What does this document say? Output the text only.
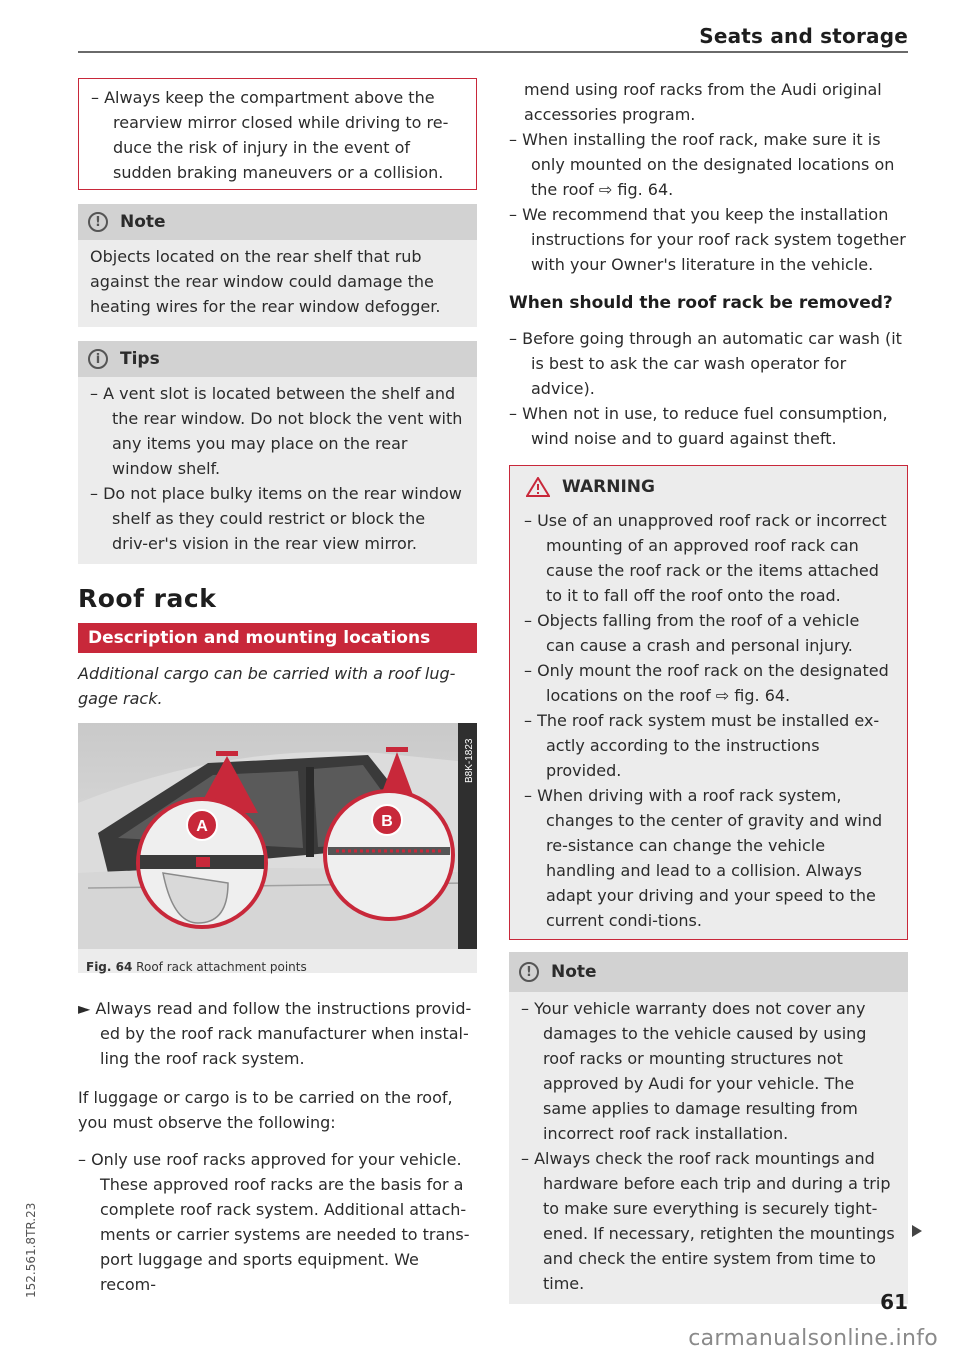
Seats and storage

– Always keep the compartment above the rearview mirror closed while driving to re-duce the risk of injury in the event of sudden braking maneuvers or a collision.

!	Note

Objects located on the rear shelf that rub against the rear window could damage the heating wires for the rear window defogger.

i	Tips

– A vent slot is located between the shelf and the rear window. Do not block the vent with any items you may place on the rear window shelf.

– Do not place bulky items on the rear window shelf as they could restrict or block the driv-er's vision in the rear view mirror.

Roof rack
Description and mounting locations

Additional cargo can be carried with a roof lug-gage rack.

A	B
B8K-1823
Fig. 64 Roof rack attachment points

► Always read and follow the instructions provid-ed by the roof rack manufacturer when instal-ling the roof rack system.

If luggage or cargo is to be carried on the roof, you must observe the following:

– Only use roof racks approved for your vehicle. These approved roof racks are the basis for a complete roof rack system. Additional attach-ments or carrier systems are needed to trans-port luggage and sports equipment. We recom-

mend using roof racks from the Audi original accessories program.

– When installing the roof rack, make sure it is only mounted on the designated locations on the roof ⇨ fig. 64.

– We recommend that you keep the installation instructions for your roof rack system together with your Owner's literature in the vehicle.

When should the roof rack be removed?

– Before going through an automatic car wash (it is best to ask the car wash operator for advice).

– When not in use, to reduce fuel consumption, wind noise and to guard against theft.

WARNING

– Use of an unapproved roof rack or incorrect mounting of an approved roof rack can cause the roof rack or the items attached to it to fall off the roof onto the road.

– Objects falling from the roof of a vehicle can cause a crash and personal injury.

– Only mount the roof rack on the designated locations on the roof ⇨ fig. 64.

– The roof rack system must be installed ex-actly according to the instructions provided.

– When driving with a roof rack system, changes to the center of gravity and wind re-sistance can change the vehicle handling and lead to a collision. Always adapt your driving and your speed to the current condi-tions.

!	Note

– Your vehicle warranty does not cover any damages to the vehicle caused by using roof racks or mounting structures not approved by Audi for your vehicle. The same applies to damage resulting from incorrect roof rack installation.

– Always check the roof rack mountings and hardware before each trip and during a trip to make sure everything is securely tight-ened. If necessary, retighten the mountings and check the entire system from time to time.

61
152.561.8TR.23
carmanualsonline.info
